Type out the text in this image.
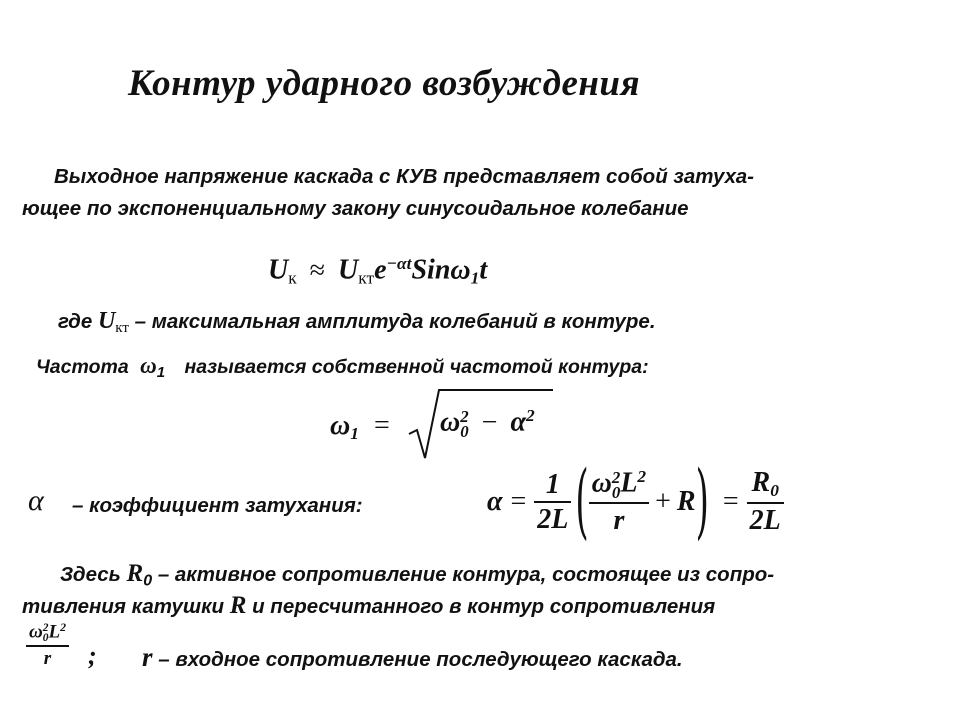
Контур ударного возбуждения
Выходное напряжение каскада с КУВ представляет собой затуха-
ющее по экспоненциальному закону синусоидальное колебание
$U_к \approx U_{кт}e^{-\alpha t}Sin\omega_1t$
где $U_{кт}$ – максимальная амплитуда колебаний в контуре.
Частота $\omega_1$ называется собственной частотой контура:
$\omega_1 = \omega$ 2
$0 - \alpha^2$
α – коэффициент затухания:	$\alpha = \frac{1}{2L}$ ( ω 2
0 $L^2$
r + R ) = $\frac{R_0}{2L}$
Здесь $R_0$ – активное сопротивление контура, состоящее из сопро-
тивления катушки R и пересчитанного в контур сопротивления
ω 2
0 $L^2$
r ; r – входное сопротивление последующего каскада.
